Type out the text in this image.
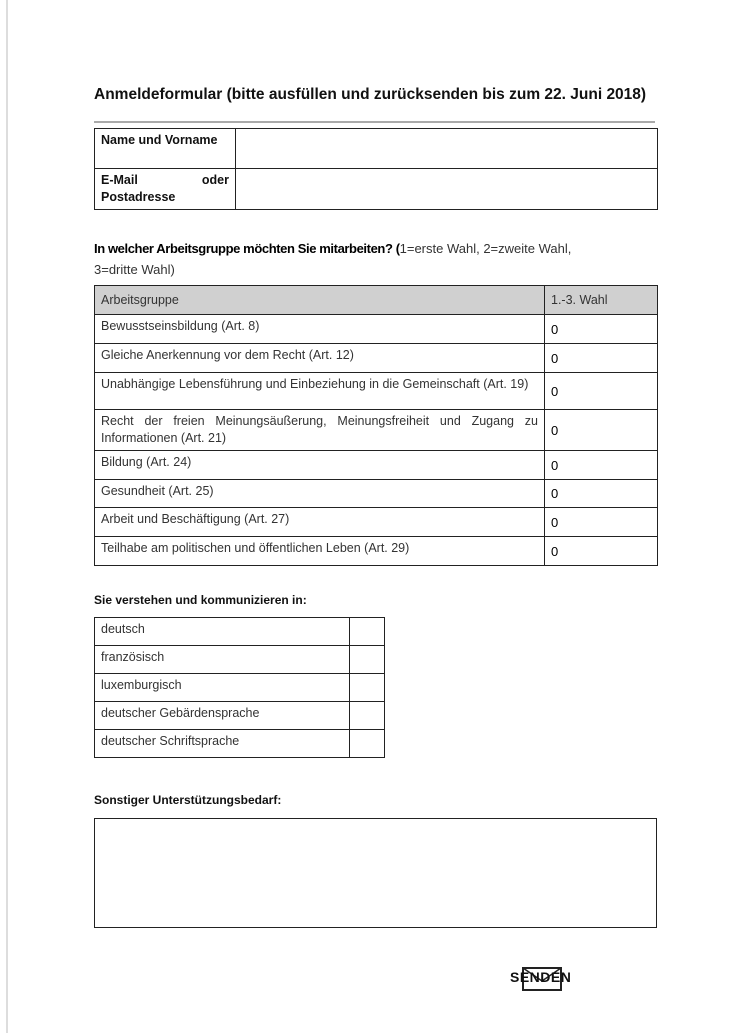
Anmeldeformular (bitte ausfüllen und zurücksenden bis zum 22. Juni 2018)
Name und Vorname	

E-Mail oder
Postadresse	
In welcher Arbeitsgruppe möchten Sie mitarbeiten? (1=erste Wahl, 2=zweite Wahl, 3=dritte Wahl)
Arbeitsgruppe	1.-3. Wahl
Bewusstseinsbildung (Art. 8)	0
Gleiche Anerkennung vor dem Recht (Art. 12)	0
Unabhängige Lebensführung und Einbeziehung in die Gemeinschaft (Art. 19)	0
Recht der freien Meinungsäußerung, Meinungsfreiheit und Zugang zu Informationen (Art. 21)	0
Bildung (Art. 24)	0
Gesundheit (Art. 25)	0
Arbeit und Beschäftigung (Art. 27)	0
Teilhabe am politischen und öffentlichen Leben (Art. 29)	0
Sie verstehen und kommunizieren in:
deutsch	
französisch	
luxemburgisch	
deutscher Gebärdensprache	
deutscher Schriftsprache	
Sonstiger Unterstützungsbedarf:
SENDEN
